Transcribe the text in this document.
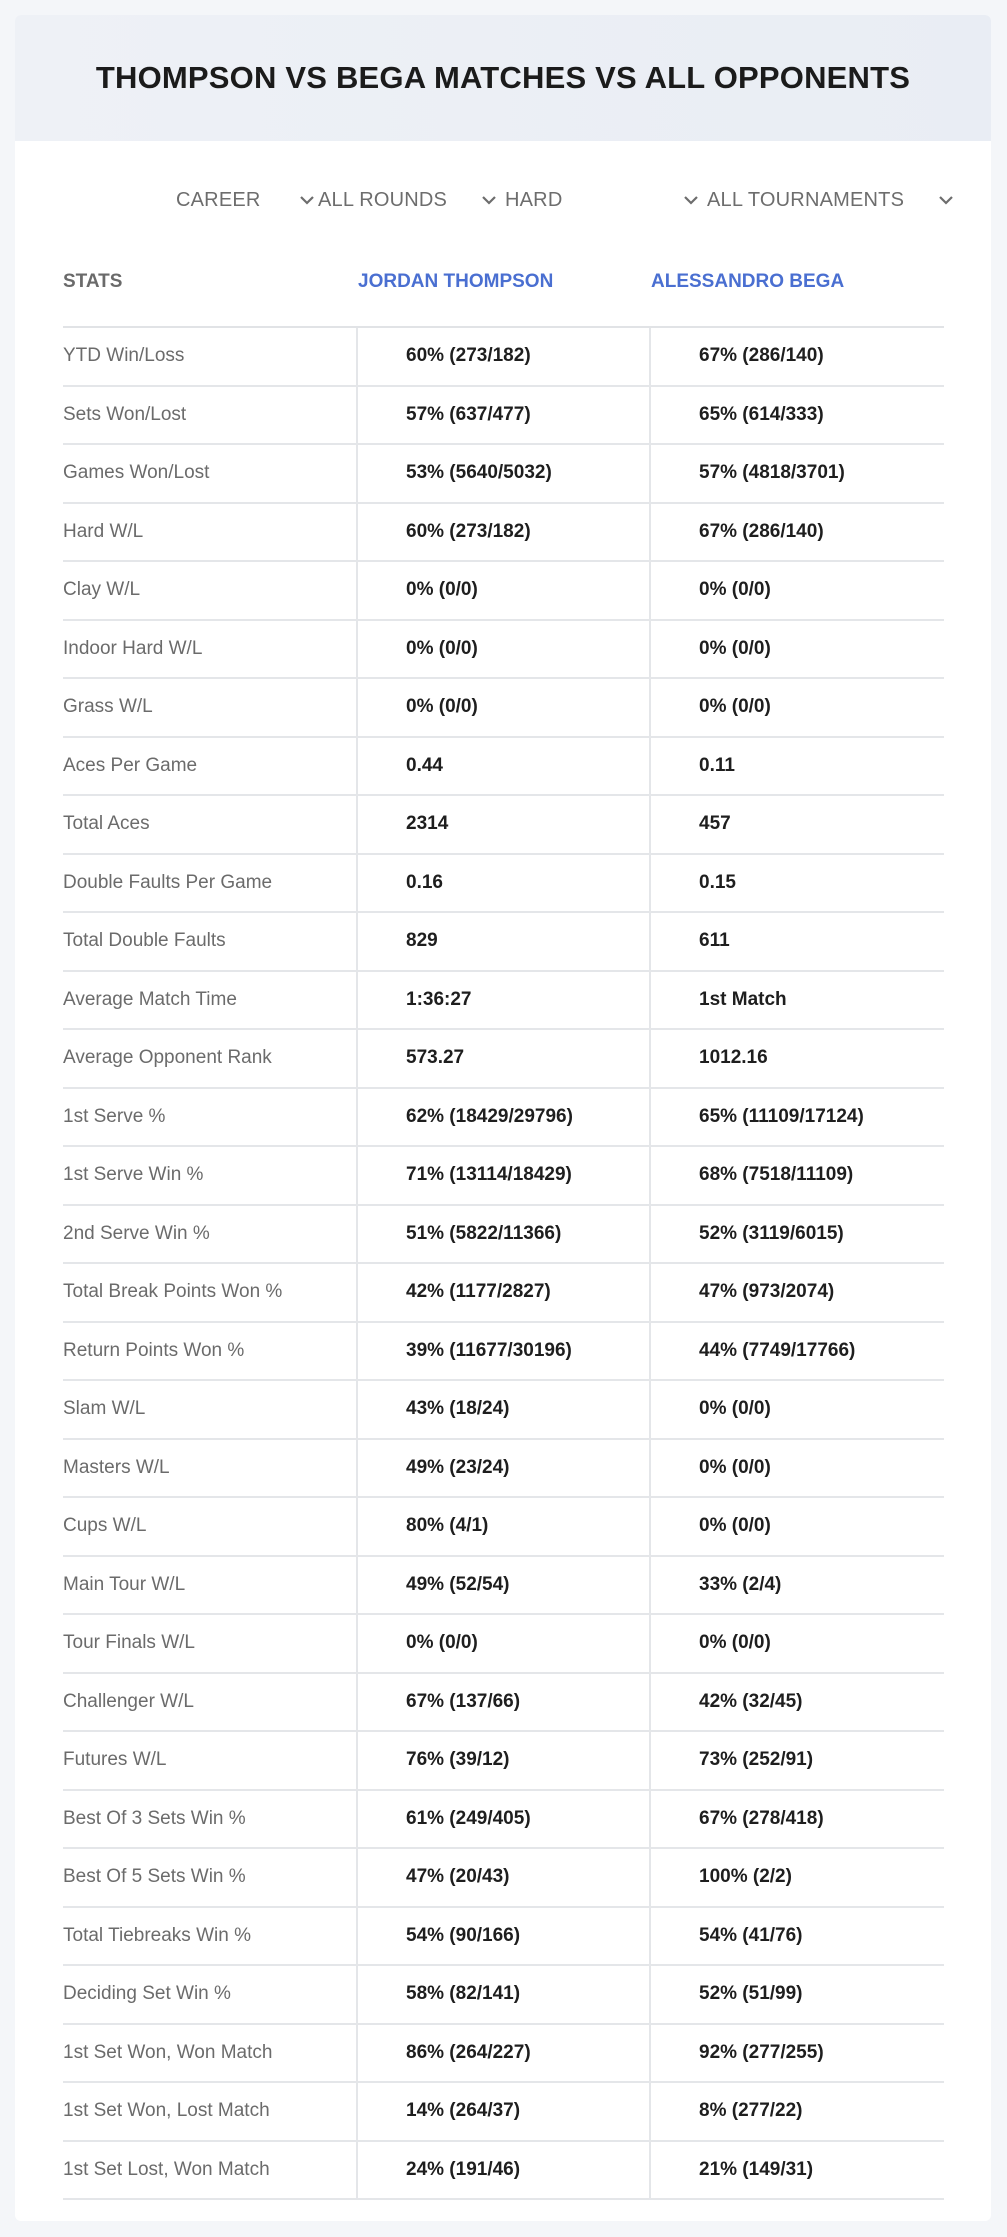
THOMPSON VS BEGA MATCHES VS ALL OPPONENTS
CAREER	ALL ROUNDS	HARD	ALL TOURNAMENTS
STATS	JORDAN THOMPSON	ALESSANDRO BEGA
YTD Win/Loss	60% (273/182)	67% (286/140)
Sets Won/Lost	57% (637/477)	65% (614/333)
Games Won/Lost	53% (5640/5032)	57% (4818/3701)
Hard W/L	60% (273/182)	67% (286/140)
Clay W/L	0% (0/0)	0% (0/0)
Indoor Hard W/L	0% (0/0)	0% (0/0)
Grass W/L	0% (0/0)	0% (0/0)
Aces Per Game	0.44	0.11
Total Aces	2314	457
Double Faults Per Game	0.16	0.15
Total Double Faults	829	611
Average Match Time	1:36:27	1st Match
Average Opponent Rank	573.27	1012.16
1st Serve %	62% (18429/29796)	65% (11109/17124)
1st Serve Win %	71% (13114/18429)	68% (7518/11109)
2nd Serve Win %	51% (5822/11366)	52% (3119/6015)
Total Break Points Won %	42% (1177/2827)	47% (973/2074)
Return Points Won %	39% (11677/30196)	44% (7749/17766)
Slam W/L	43% (18/24)	0% (0/0)
Masters W/L	49% (23/24)	0% (0/0)
Cups W/L	80% (4/1)	0% (0/0)
Main Tour W/L	49% (52/54)	33% (2/4)
Tour Finals W/L	0% (0/0)	0% (0/0)
Challenger W/L	67% (137/66)	42% (32/45)
Futures W/L	76% (39/12)	73% (252/91)
Best Of 3 Sets Win %	61% (249/405)	67% (278/418)
Best Of 5 Sets Win %	47% (20/43)	100% (2/2)
Total Tiebreaks Win %	54% (90/166)	54% (41/76)
Deciding Set Win %	58% (82/141)	52% (51/99)
1st Set Won, Won Match	86% (264/227)	92% (277/255)
1st Set Won, Lost Match	14% (264/37)	8% (277/22)
1st Set Lost, Won Match	24% (191/46)	21% (149/31)
